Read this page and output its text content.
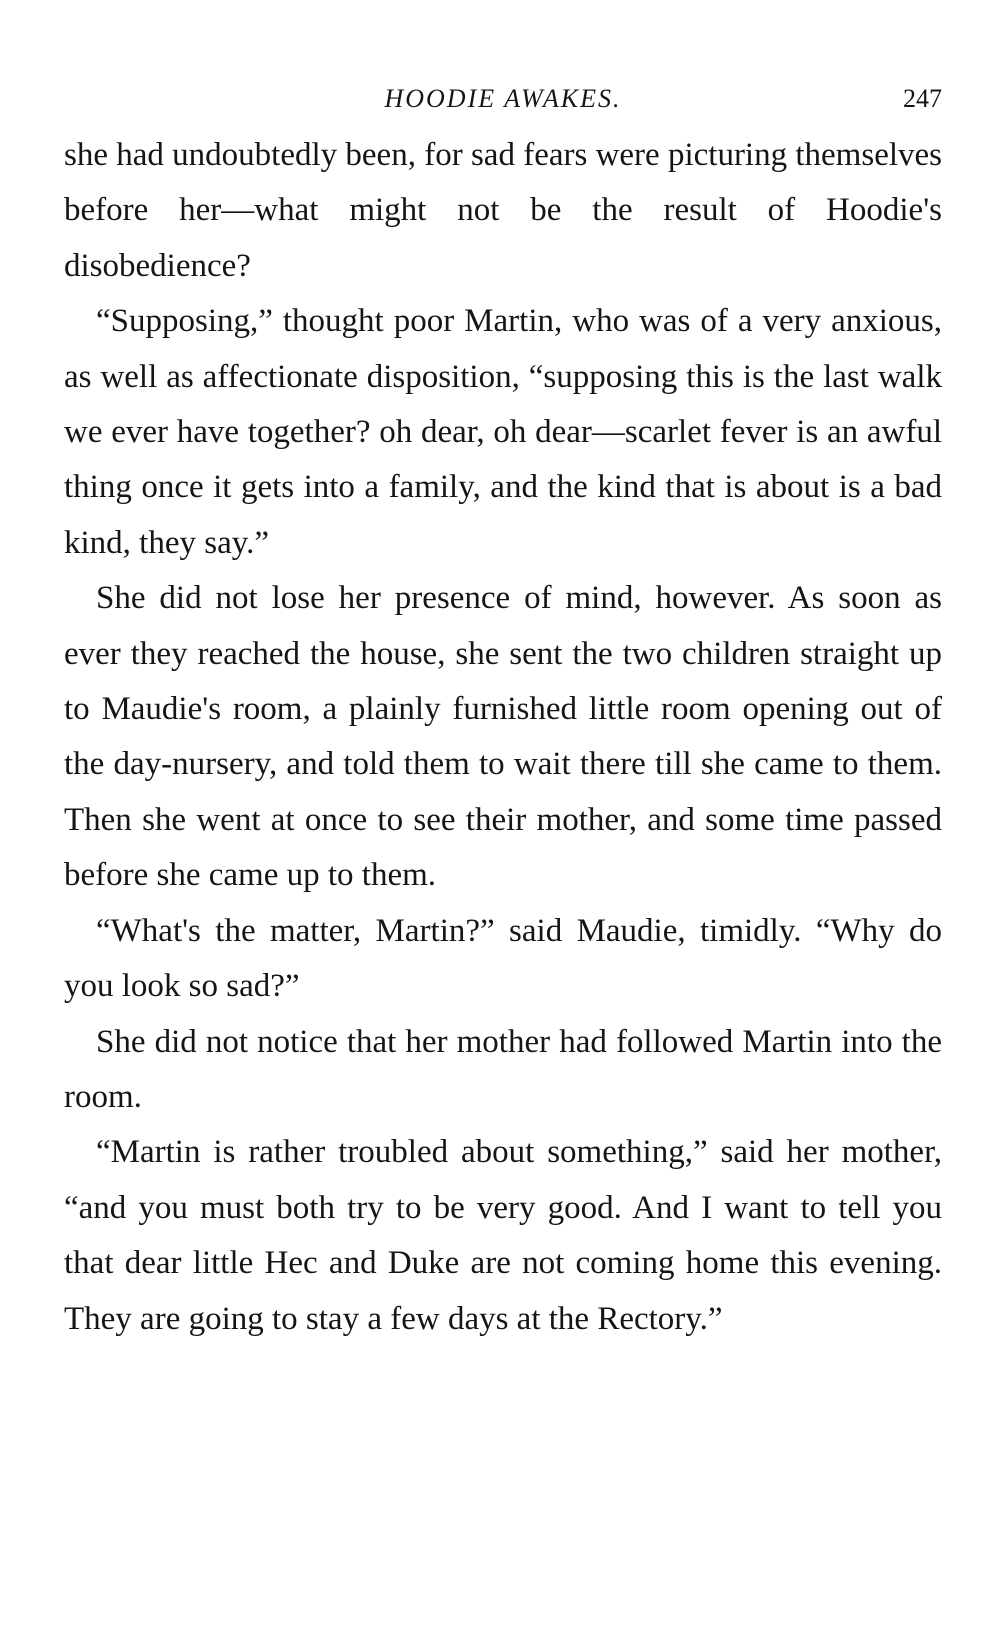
HOODIE AWAKES.	247

she had undoubtedly been, for sad fears were picturing themselves before her—what might not be the result of Hoodie's disobedience?

“Supposing,” thought poor Martin, who was of a very anxious, as well as affectionate disposition, “supposing this is the last walk we ever have together? oh dear, oh dear—scarlet fever is an awful thing once it gets into a family, and the kind that is about is a bad kind, they say.”

She did not lose her presence of mind, however. As soon as ever they reached the house, she sent the two children straight up to Maudie's room, a plainly furnished little room opening out of the day-nursery, and told them to wait there till she came to them. Then she went at once to see their mother, and some time passed before she came up to them.

“What's the matter, Martin?” said Maudie, timidly. “Why do you look so sad?”

She did not notice that her mother had followed Martin into the room.

“Martin is rather troubled about something,” said her mother, “and you must both try to be very good. And I want to tell you that dear little Hec and Duke are not coming home this evening. They are going to stay a few days at the Rectory.”
